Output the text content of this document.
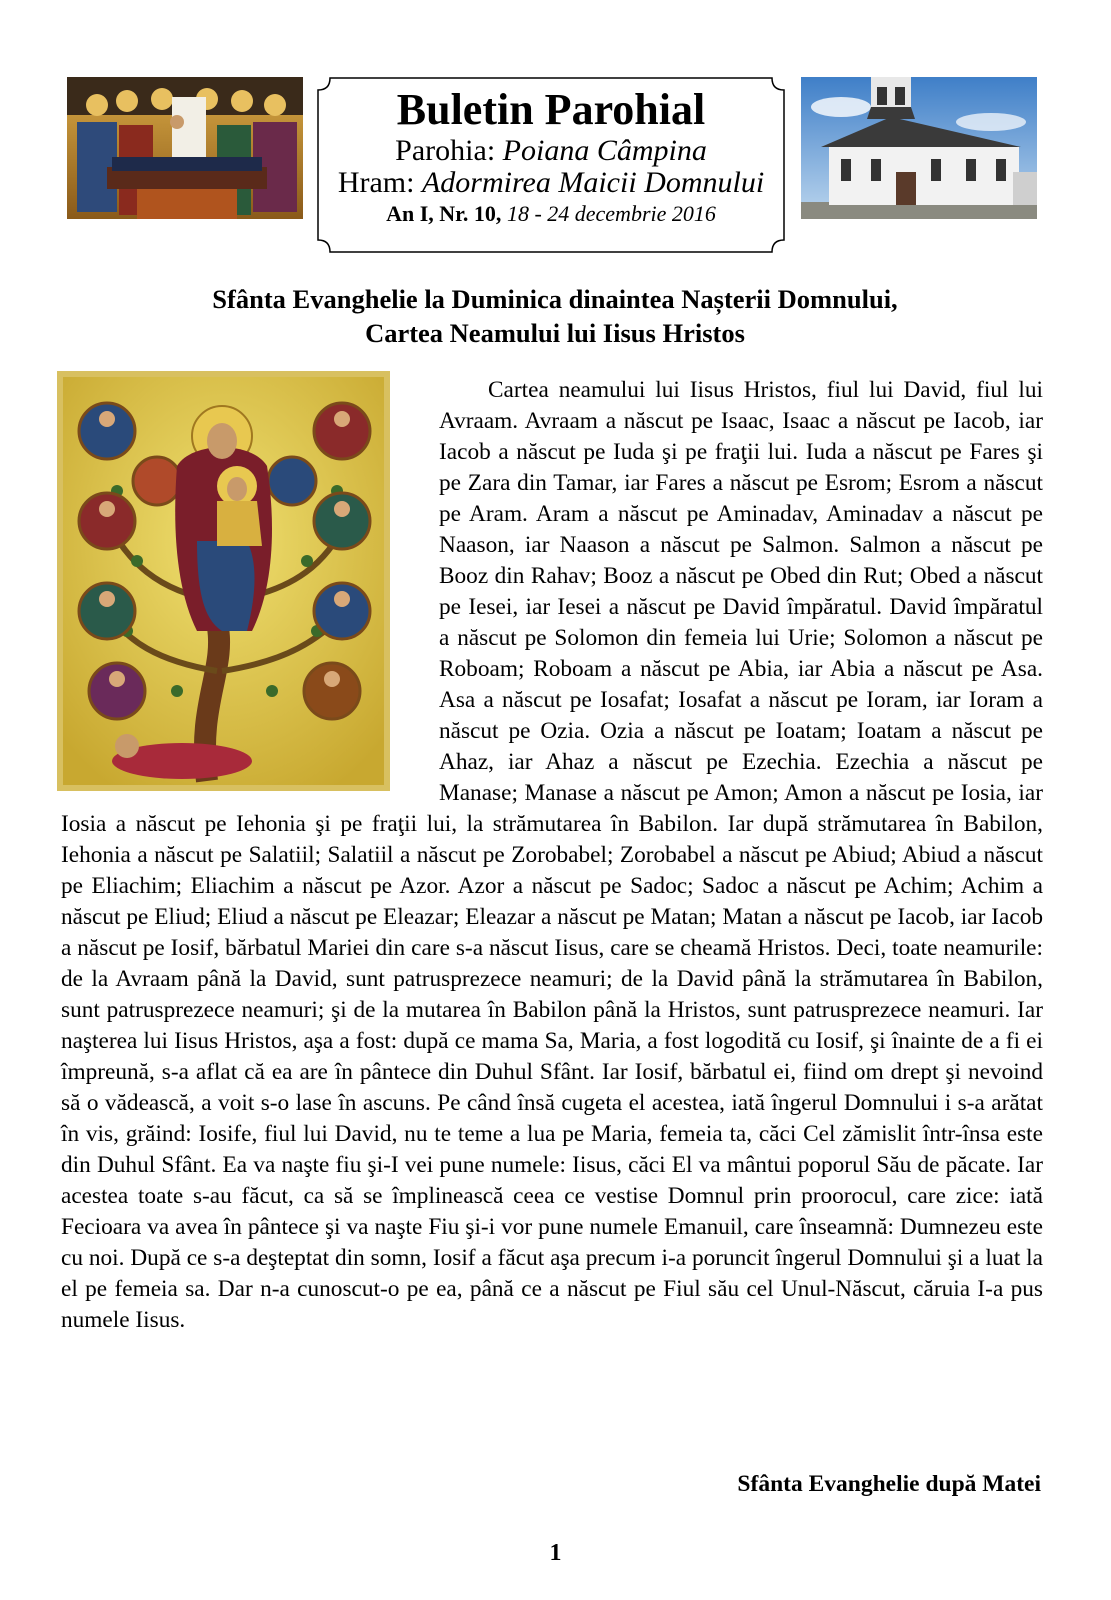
Buletin Parohial
Parohia: Poiana Câmpina
Hram: Adormirea Maicii Domnului
An I, Nr. 10, 18 - 24 decembrie 2016
Sfânta Evanghelie la Duminica dinaintea Nașterii Domnului,
Cartea Neamului lui Iisus Hristos

Cartea neamului lui Iisus Hristos, fiul lui David, fiul lui Avraam. Avraam a născut pe Isaac, Isaac a născut pe Iacob, iar Iacob a născut pe Iuda şi pe fraţii lui. Iuda a născut pe Fares şi pe Zara din Tamar, iar Fares a născut pe Esrom; Esrom a născut pe Aram. Aram a născut pe Aminadav, Aminadav a născut pe Naason, iar Naason a născut pe Salmon. Salmon a născut pe Booz din Rahav; Booz a născut pe Obed din Rut; Obed a născut pe Iesei, iar Iesei a născut pe David împăratul. David împăratul a născut pe Solomon din femeia lui Urie; Solomon a născut pe Roboam; Roboam a născut pe Abia, iar Abia a născut pe Asa. Asa a născut pe Iosafat; Iosafat a născut pe Ioram, iar Ioram a născut pe Ozia. Ozia a născut pe Ioatam; Ioatam a născut pe Ahaz, iar Ahaz a născut pe Ezechia. Ezechia a născut pe Manase; Manase a născut pe Amon; Amon a născut pe Iosia, iar Iosia a născut pe Iehonia şi pe fraţii lui, la strămutarea în Babilon. Iar după strămutarea în Babilon, Iehonia a născut pe Salatiil; Salatiil a născut pe Zorobabel; Zorobabel a născut pe Abiud; Abiud a născut pe Eliachim; Eliachim a născut pe Azor. Azor a născut pe Sadoc; Sadoc a născut pe Achim; Achim a născut pe Eliud; Eliud a născut pe Eleazar; Eleazar a născut pe Matan; Matan a născut pe Iacob, iar Iacob a născut pe Iosif, bărbatul Mariei din care s-a născut Iisus, care se cheamă Hristos. Deci, toate neamurile: de la Avraam până la David, sunt patrusprezece neamuri; de la David până la strămutarea în Babilon, sunt patrusprezece neamuri; şi de la mutarea în Babilon până la Hristos, sunt patrusprezece neamuri. Iar naşterea lui Iisus Hristos, aşa a fost: după ce mama Sa, Maria, a fost logodită cu Iosif, şi înainte de a fi ei împreună, s-a aflat că ea are în pântece din Duhul Sfânt. Iar Iosif, bărbatul ei, fiind om drept şi nevoind să o vădească, a voit s-o lase în ascuns. Pe când însă cugeta el acestea, iată îngerul Domnului i s-a arătat în vis, grăind: Iosife, fiul lui David, nu te teme a lua pe Maria, femeia ta, căci Cel zămislit într-însa este din Duhul Sfânt. Ea va naşte fiu şi-I vei pune numele: Iisus, căci El va mântui poporul Său de păcate. Iar acestea toate s-au făcut, ca să se împlinească ceea ce vestise Domnul prin proorocul, care zice: iată Fecioara va avea în pântece şi va naşte Fiu şi-i vor pune numele Emanuil, care înseamnă: Dumnezeu este cu noi. După ce s-a deşteptat din somn, Iosif a făcut aşa precum i-a poruncit îngerul Domnului şi a luat la el pe femeia sa. Dar n-a cunoscut-o pe ea, până ce a născut pe Fiul său cel Unul-Născut, căruia I-a pus numele Iisus.

Sfânta Evanghelie după Matei
1
